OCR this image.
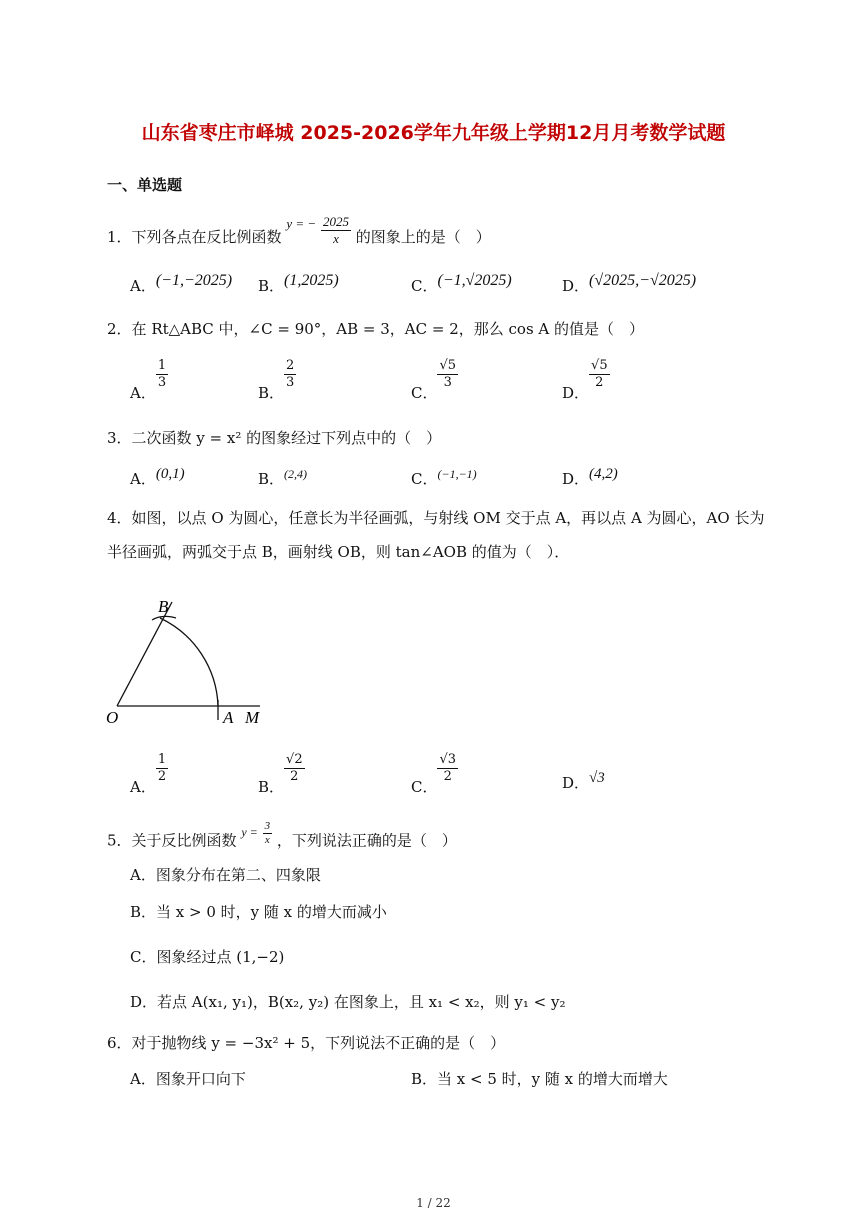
山东省枣庄市峄城 2025-2026学年九年级上学期12月月考数学试题
一、单选题
1．下列各点在反比例函数 y = − $\frac{2025}{x}$ 的图象上的是（　）
A．(−1,−2025) B．(1,2025)	C．(−1,√2025)	D．(√2025,−√2025)
2．在 Rt△ABC 中，∠C = 90°，AB = 3，AC = 2，那么 cos A 的值是（　）
A．
$\frac{1}{3}$
B．
$\frac{2}{3}$
C．
$\frac{√5}{3}$
D．
$\frac{√5}{2}$
3．二次函数 y = x² 的图象经过下列点中的（　）
A．(0,1)	B．$^{(2,4)}$	C．$^{(-1,-1)}$	D．(4,2)
4．如图，以点 O 为圆心，任意长为半径画弧，与射线 OM 交于点 A，再以点 A 为圆心，AO 长为
半径画弧，两弧交于点 B，画射线 OB，则 tan∠AOB 的值为（　）．
B
O	A M
A．
$\frac{1}{2}$
B．
$\frac{√2}{2}$
C．
$\frac{√3}{2}$	D．√3
5．关于反比例函数 $^{y =} \frac{3}{x}$ ，下列说法正确的是（　）
A．图象分布在第二、四象限
B．当 x > 0 时，y 随 x 的增大而减小
C．图象经过点 (1,−2)
D．若点 A(x₁, y₁)，B(x₂, y₂) 在图象上，且 x₁ < x₂，则 y₁ < y₂
6．对于抛物线 y = −3x² + 5，下列说法不正确的是（　）
A．图象开口向下	B．当 x < 5 时，y 随 x 的增大而增大
1 / 22
